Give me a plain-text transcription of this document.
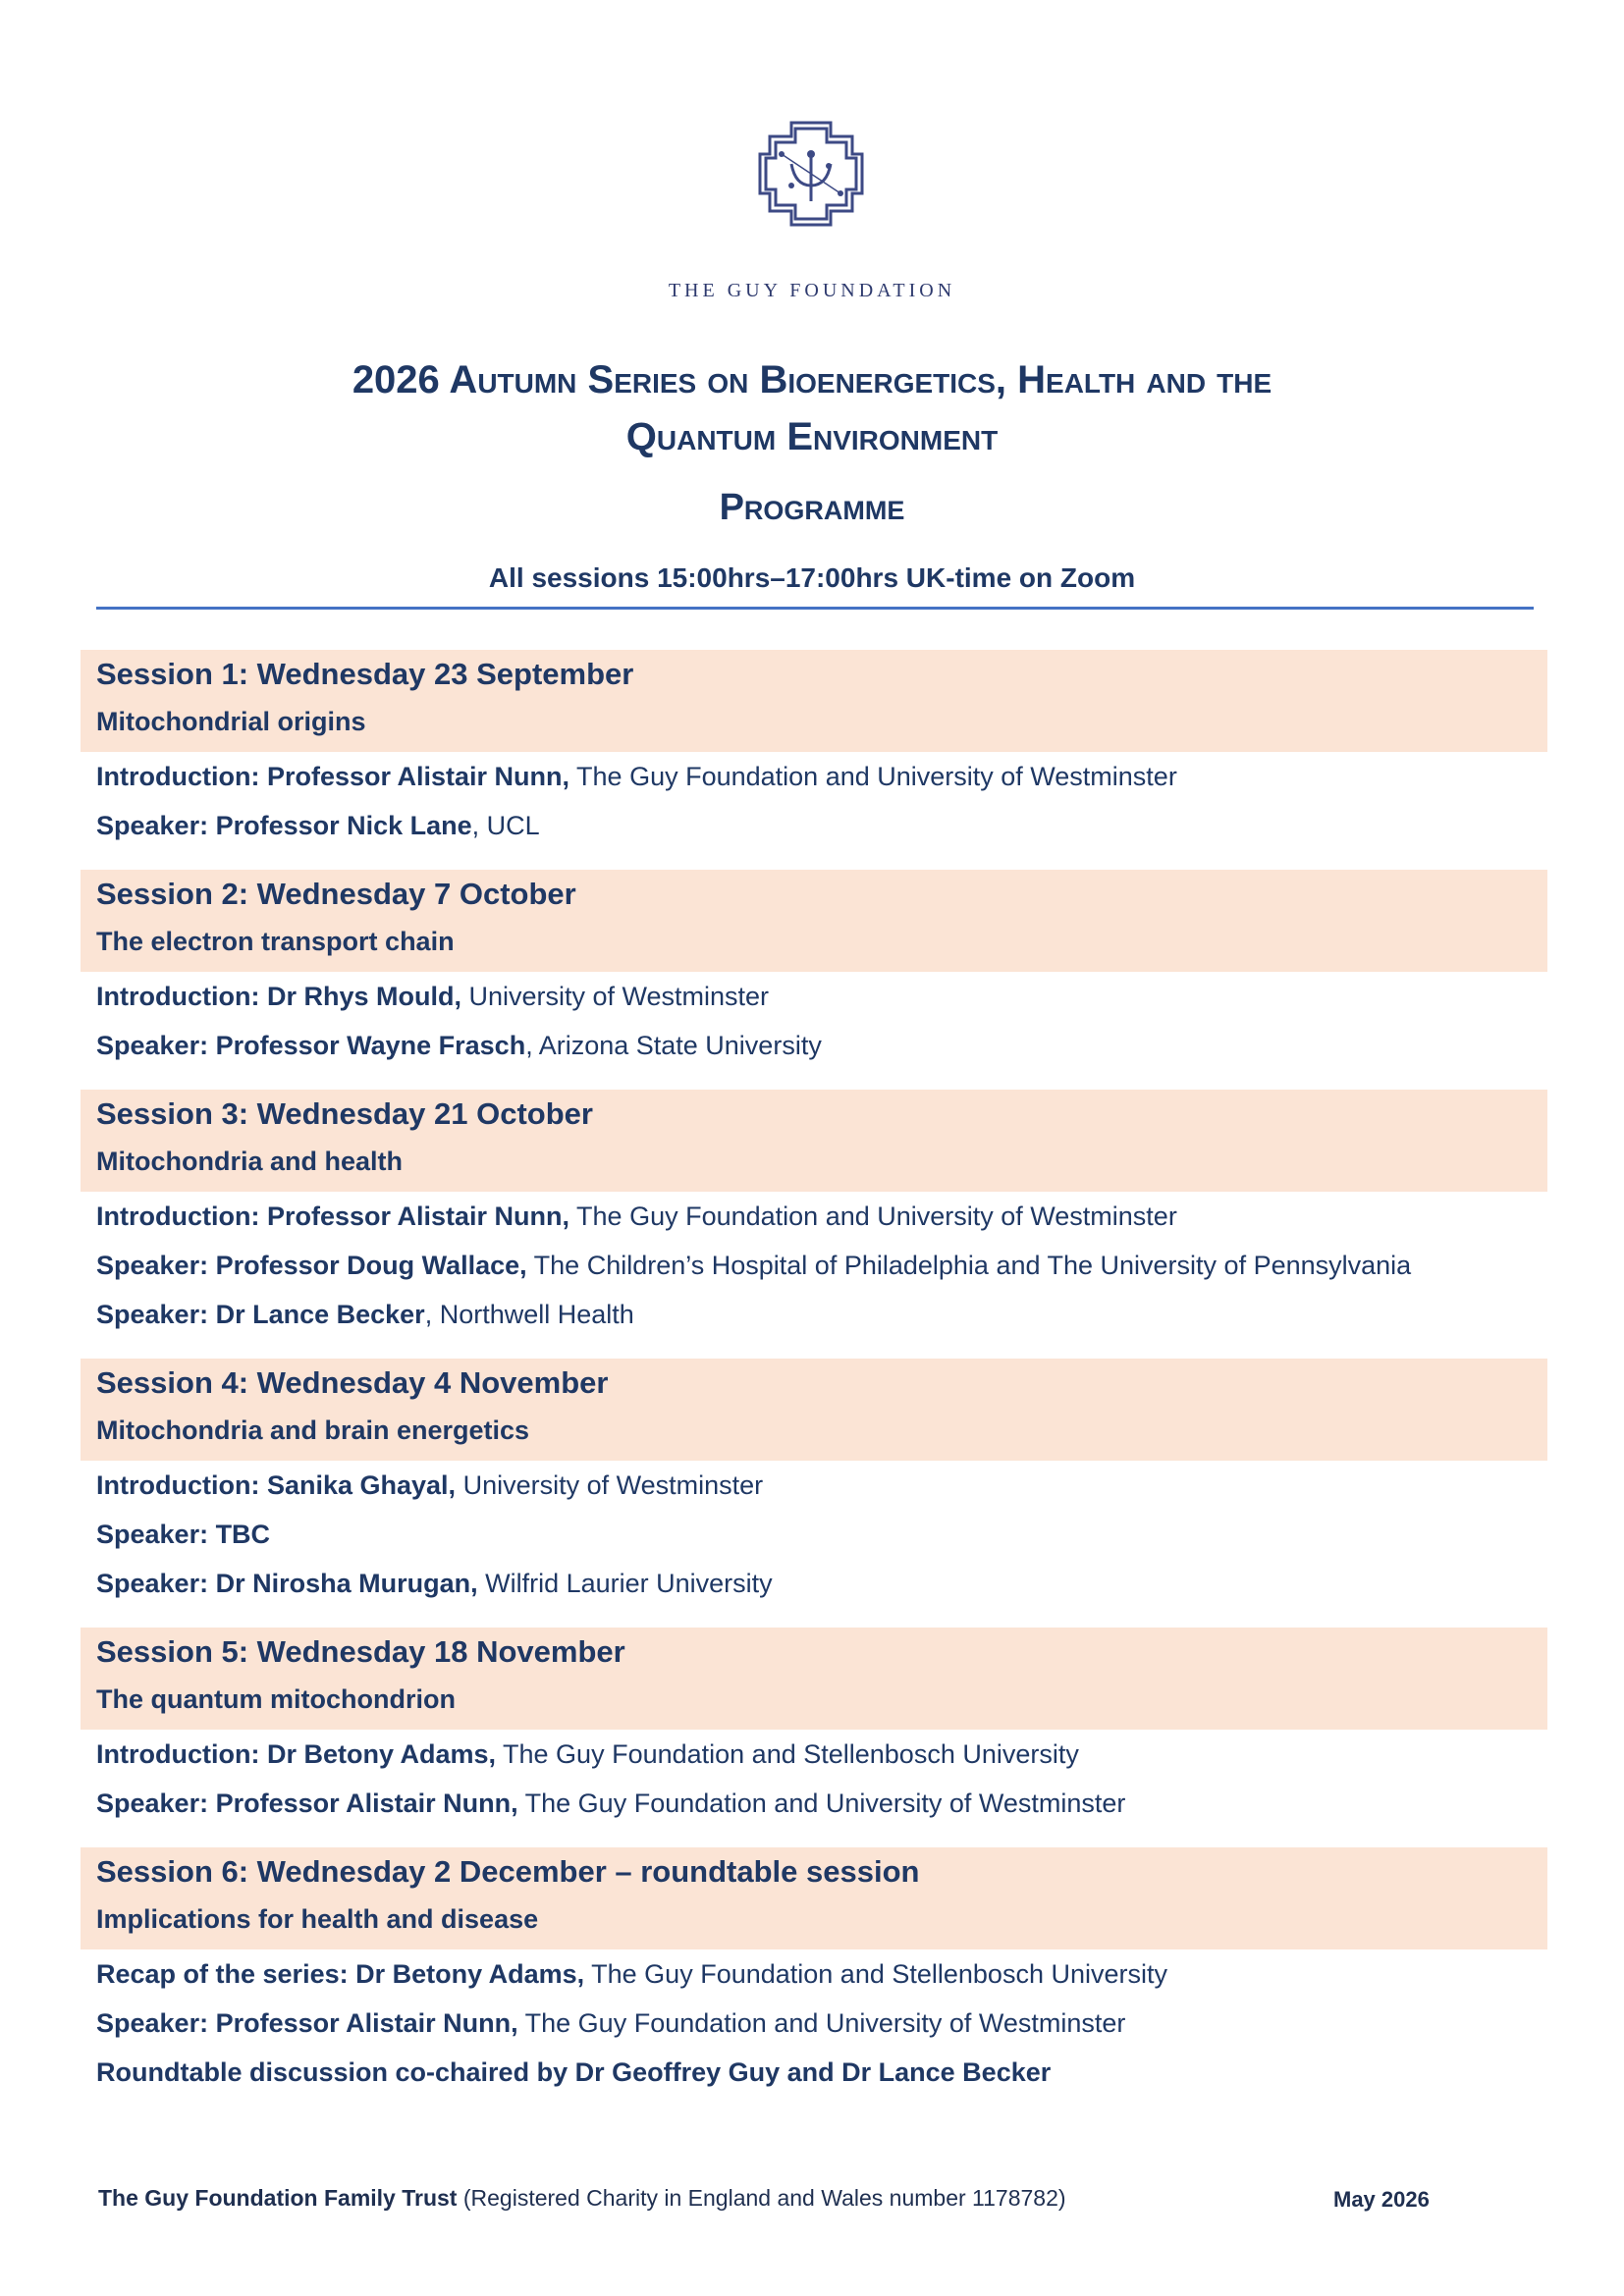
THE GUY FOUNDATION
2026 Autumn Series on Bioenergetics, Health and the
Quantum Environment
Programme
All sessions 15:00hrs–17:00hrs UK-time on Zoom
Session 1: Wednesday 23 September
Mitochondrial origins
Introduction: Professor Alistair Nunn, The Guy Foundation and University of Westminster
Speaker: Professor Nick Lane, UCL
Session 2: Wednesday 7 October
The electron transport chain
Introduction: Dr Rhys Mould, University of Westminster
Speaker: Professor Wayne Frasch, Arizona State University
Session 3: Wednesday 21 October
Mitochondria and health
Introduction: Professor Alistair Nunn, The Guy Foundation and University of Westminster
Speaker: Professor Doug Wallace, The Children’s Hospital of Philadelphia and The University of Pennsylvania
Speaker: Dr Lance Becker, Northwell Health
Session 4: Wednesday 4 November
Mitochondria and brain energetics
Introduction: Sanika Ghayal, University of Westminster
Speaker: TBC
Speaker: Dr Nirosha Murugan, Wilfrid Laurier University
Session 5: Wednesday 18 November
The quantum mitochondrion
Introduction: Dr Betony Adams, The Guy Foundation and Stellenbosch University
Speaker: Professor Alistair Nunn, The Guy Foundation and University of Westminster
Session 6: Wednesday 2 December – roundtable session
Implications for health and disease
Recap of the series: Dr Betony Adams, The Guy Foundation and Stellenbosch University
Speaker: Professor Alistair Nunn, The Guy Foundation and University of Westminster
Roundtable discussion co-chaired by Dr Geoffrey Guy and Dr Lance Becker
The Guy Foundation Family Trust (Registered Charity in England and Wales number 1178782)	May 2026
